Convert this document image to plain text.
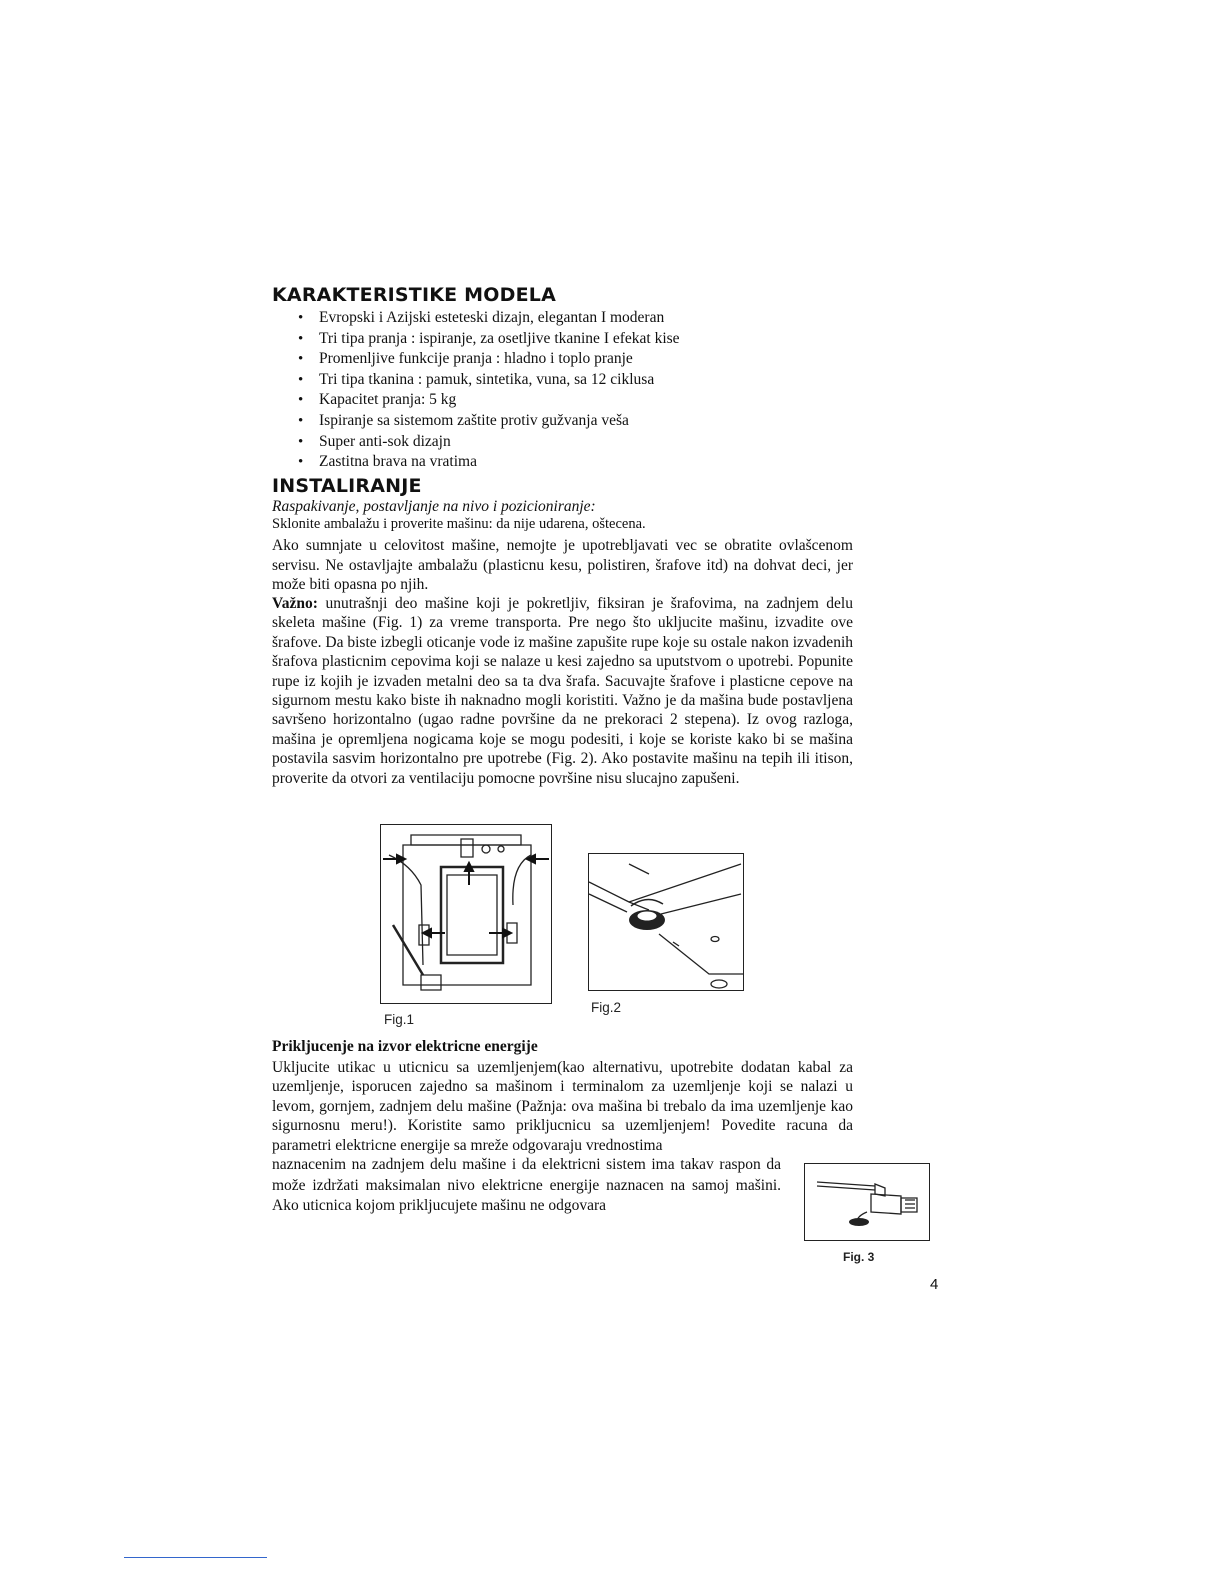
KARAKTERISTIKE MODELA
• Evropski i Azijski esteteski dizajn, elegantan I moderan
• Tri tipa pranja : ispiranje, za osetljive tkanine I efekat kise
• Promenljive funkcije pranja : hladno i toplo pranje
• Tri tipa tkanina : pamuk, sintetika, vuna, sa 12 ciklusa
• Kapacitet pranja: 5 kg
• Ispiranje sa sistemom zaštite protiv gužvanja veša
• Super anti-sok dizajn
• Zastitna brava na vratima
INSTALIRANJE
Raspakivanje, postavljanje na nivo i pozicioniranje:
Sklonite ambalažu i proverite mašinu: da nije udarena, oštecena.

Ako sumnjate u celovitost mašine, nemojte je upotrebljavati vec se obratite ovlašcenom servisu. Ne ostavljajte ambalažu (plasticnu kesu, polistiren, šrafove itd) na dohvat deci, jer može biti opasna po njih.

Važno: unutrašnji deo mašine koji je pokretljiv, fiksiran je šrafovima, na zadnjem delu skeleta mašine (Fig. 1) za vreme transporta. Pre nego što ukljucite mašinu, izvadite ove šrafove. Da biste izbegli oticanje vode iz mašine zapušite rupe koje su ostale nakon izvadenih šrafova plasticnim cepovima koji se nalaze u kesi zajedno sa uputstvom o upotrebi. Popunite rupe iz kojih je izvaden metalni deo sa ta dva šrafa. Sacuvajte šrafove i plasticne cepove na sigurnom mestu kako biste ih naknadno mogli koristiti. Važno je da mašina bude postavljena savršeno horizontalno (ugao radne površine da ne prekoraci 2 stepena). Iz ovog razloga, mašina je opremljena nogicama koje se mogu podesiti, i koje se koriste kako bi se mašina postavila sasvim horizontalno pre upotrebe (Fig. 2). Ako postavite mašinu na tepih ili itison, proverite da otvori za ventilaciju pomocne površine nisu slucajno zapušeni.

Fig.1
Fig.2
Prikljucenje na izvor elektricne energije

Ukljucite utikac u uticnicu sa uzemljenjem(kao alternativu, upotrebite dodatan kabal za uzemljenje, isporucen zajedno sa mašinom i terminalom za uzemljenje koji se nalazi u levom, gornjem, zadnjem delu mašine (Pažnja: ova mašina bi trebalo da ima uzemljenje kao sigurnosnu meru!). Koristite samo prikljucnicu sa uzemljenjem! Povedite racuna da parametri elektricne energije sa mreže odgovaraju vrednostima

naznacenim na zadnjem delu mašine i da elektricni sistem ima takav raspon da može izdržati maksimalan nivo elektricne energije naznacen na samoj mašini. Ako uticnica kojom prikljucujete mašinu ne odgovara

Fig. 3
4
